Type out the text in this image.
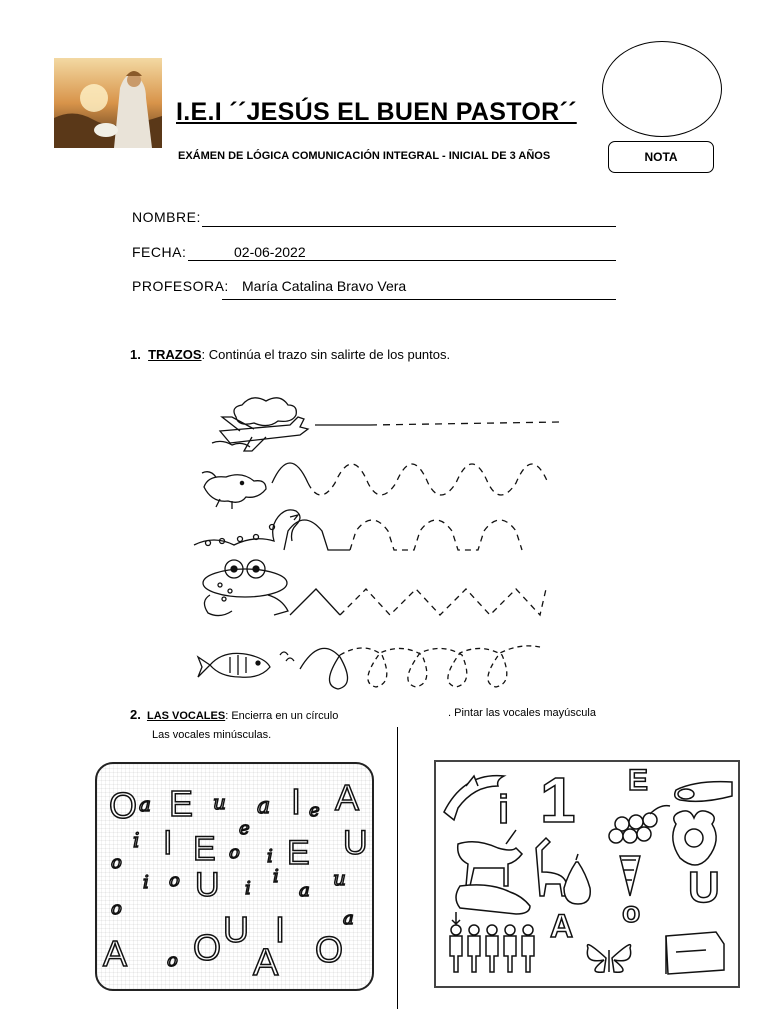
I.E.I ´´JESÚS EL BUEN PASTOR´´
EXÁMEN DE LÓGICA COMUNICACIÓN INTEGRAL - INICIAL DE 3 AÑOS	NOTA
NOMBRE:
FECHA:	02-06-2022
PROFESORA: María Catalina Bravo Vera
1. TRAZOS: Continúa el trazo sin salirte de los puntos.
2. LAS VOCALES: Encierra en un círculo	. Pintar las vocales mayúscula
Las vocales minúsculas.
O a E u a I e A
i I	e
E o i E U
o
i o U i
i
a
u
o
A o O U I O
a
A
i 1 E
A o
U
